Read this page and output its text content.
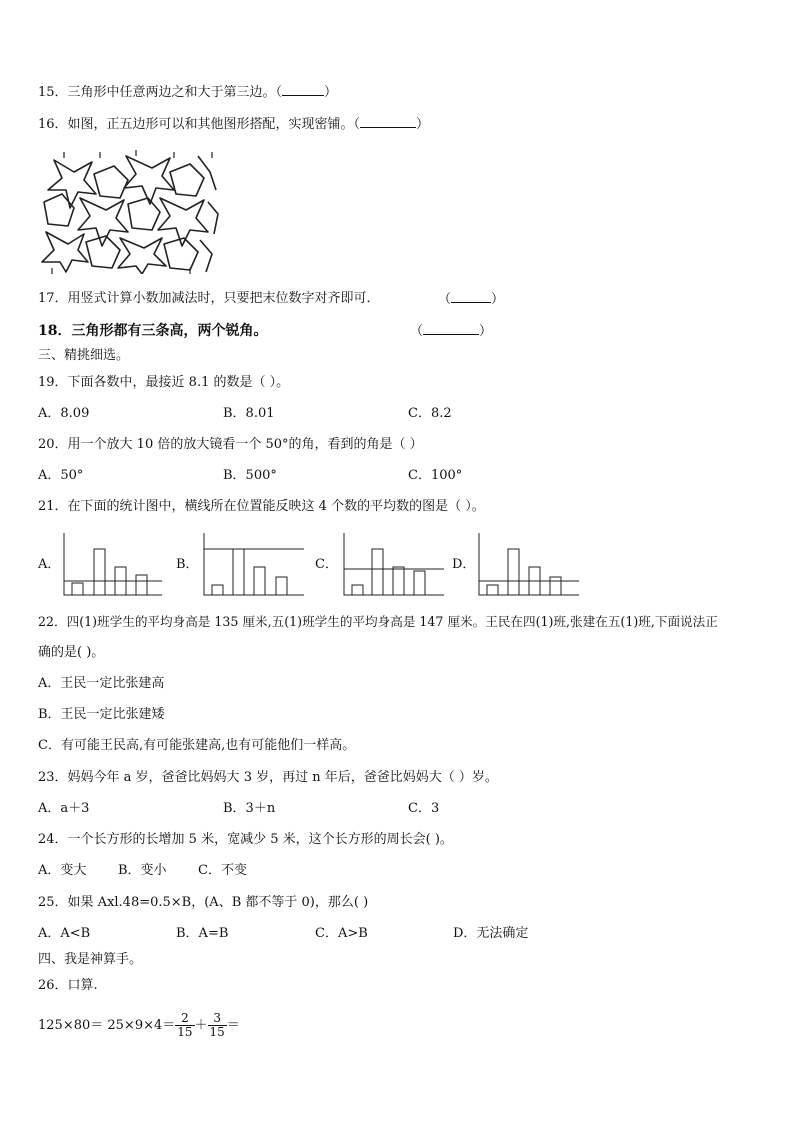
15．三角形中任意两边之和大于第三边。（	）
16．如图，正五边形可以和其他图形搭配，实现密铺。（	）
17．用竖式计算小数加减法时，只要把末位数字对齐即可．	（	）
18．三角形都有三条高，两个锐角。	（	）
三、精挑细选。
19．下面各数中，最接近 8.1 的数是（ ）。
A．8.09	B．8.01	C．8.2
20．用一个放大 10 倍的放大镜看一个 50°的角，看到的角是（ ）
A．50°	B．500°	C．100°
21．在下面的统计图中，横线所在位置能反映这 4 个数的平均数的图是（ ）。
A．	B．	C．	D．
22．四(1)班学生的平均身高是 135 厘米,五(1)班学生的平均身高是 147 厘米。王民在四(1)班,张建在五(1)班,下面说法正
确的是( )。
A．王民一定比张建高
B．王民一定比张建矮
C．有可能王民高,有可能张建高,也有可能他们一样高。
23．妈妈今年 a 岁，爸爸比妈妈大 3 岁，再过 n 年后，爸爸比妈妈大（ ）岁。
A．a＋3	B．3＋n	C．3
24．一个长方形的长增加 5 米，宽减少 5 米，这个长方形的周长会( )。
A．变大 B．变小 C．不变
25．如果 Axl.48=0.5×B，(A、B 都不等于 0)，那么( )
A．A<B	B．A=B	C．A>B	D．无法确定
四、我是神算手。
26．口算.
$125\times 80= 25\times 9\times 4= \frac{2}{15} + \frac{3}{15}$ ＝
